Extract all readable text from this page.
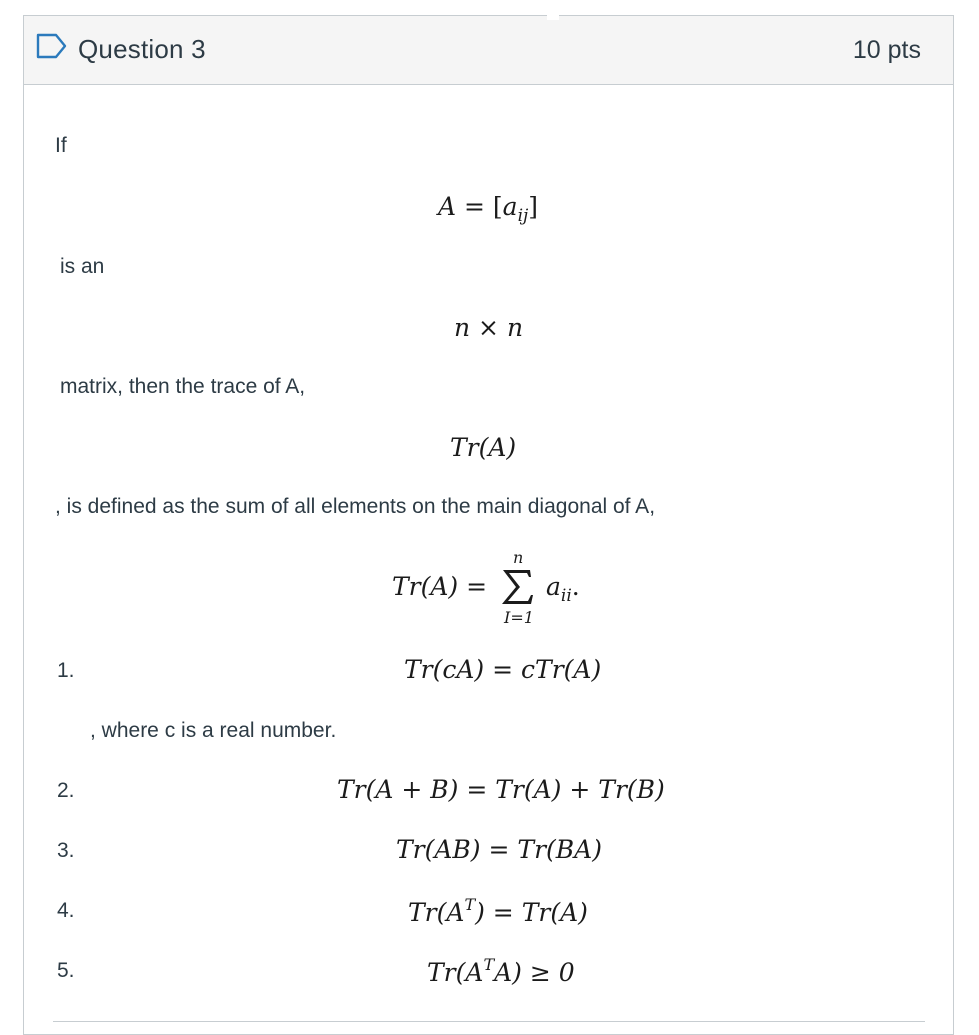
Question 3	10 pts
If
$A = [a_{ij}]$
is an
n × n
matrix, then the trace of A,
Tr(A)
, is defined as the sum of all elements on the main diagonal of A,
Tr(A) =
n
I=1
$a_{ii}$.
1.	Tr(cA) = cTr(A)
, where c is a real number.
2.	Tr(A + B) = Tr(A) + Tr(B)
3.	Tr(AB) = Tr(BA)
4.	$Tr(A^T) = Tr(A)$
5.	$Tr(A^TA) \ge 0$
